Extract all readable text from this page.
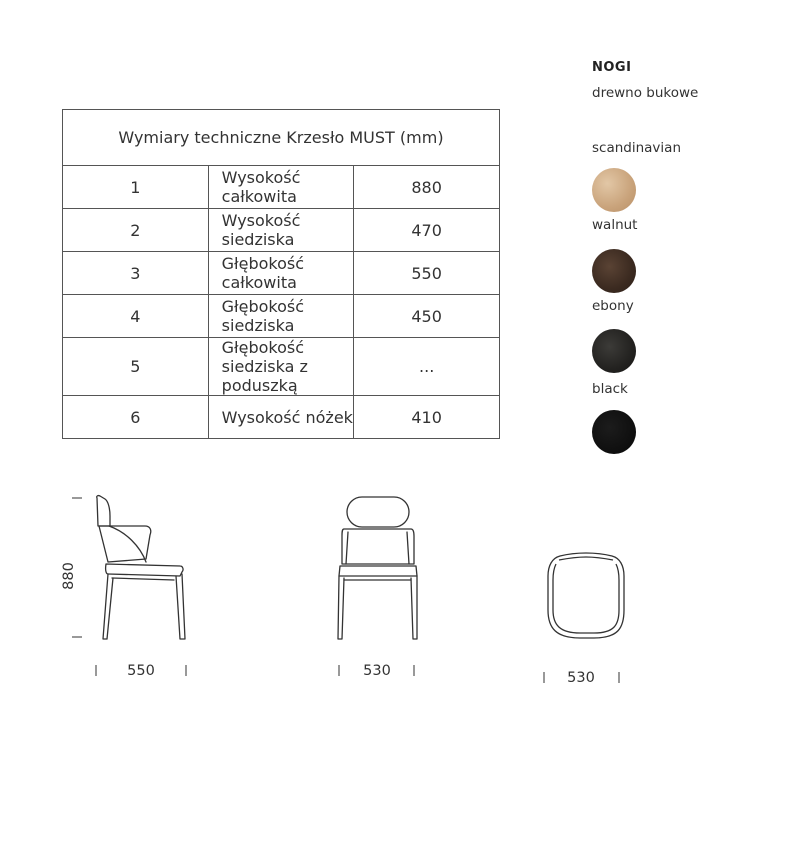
Wymiary techniczne Krzesło MUST (mm)		
1	Wysokość całkowita	880
2	Wysokość siedziska	470
3	Głębokość całkowita	550
4	Głębokość siedziska	450
5	Głębokość siedziska z poduszką	...
6	Wysokość nóżek	410
NOGI
drewno bukowe
scandinavian
walnut
ebony
black
880
550	530	530
